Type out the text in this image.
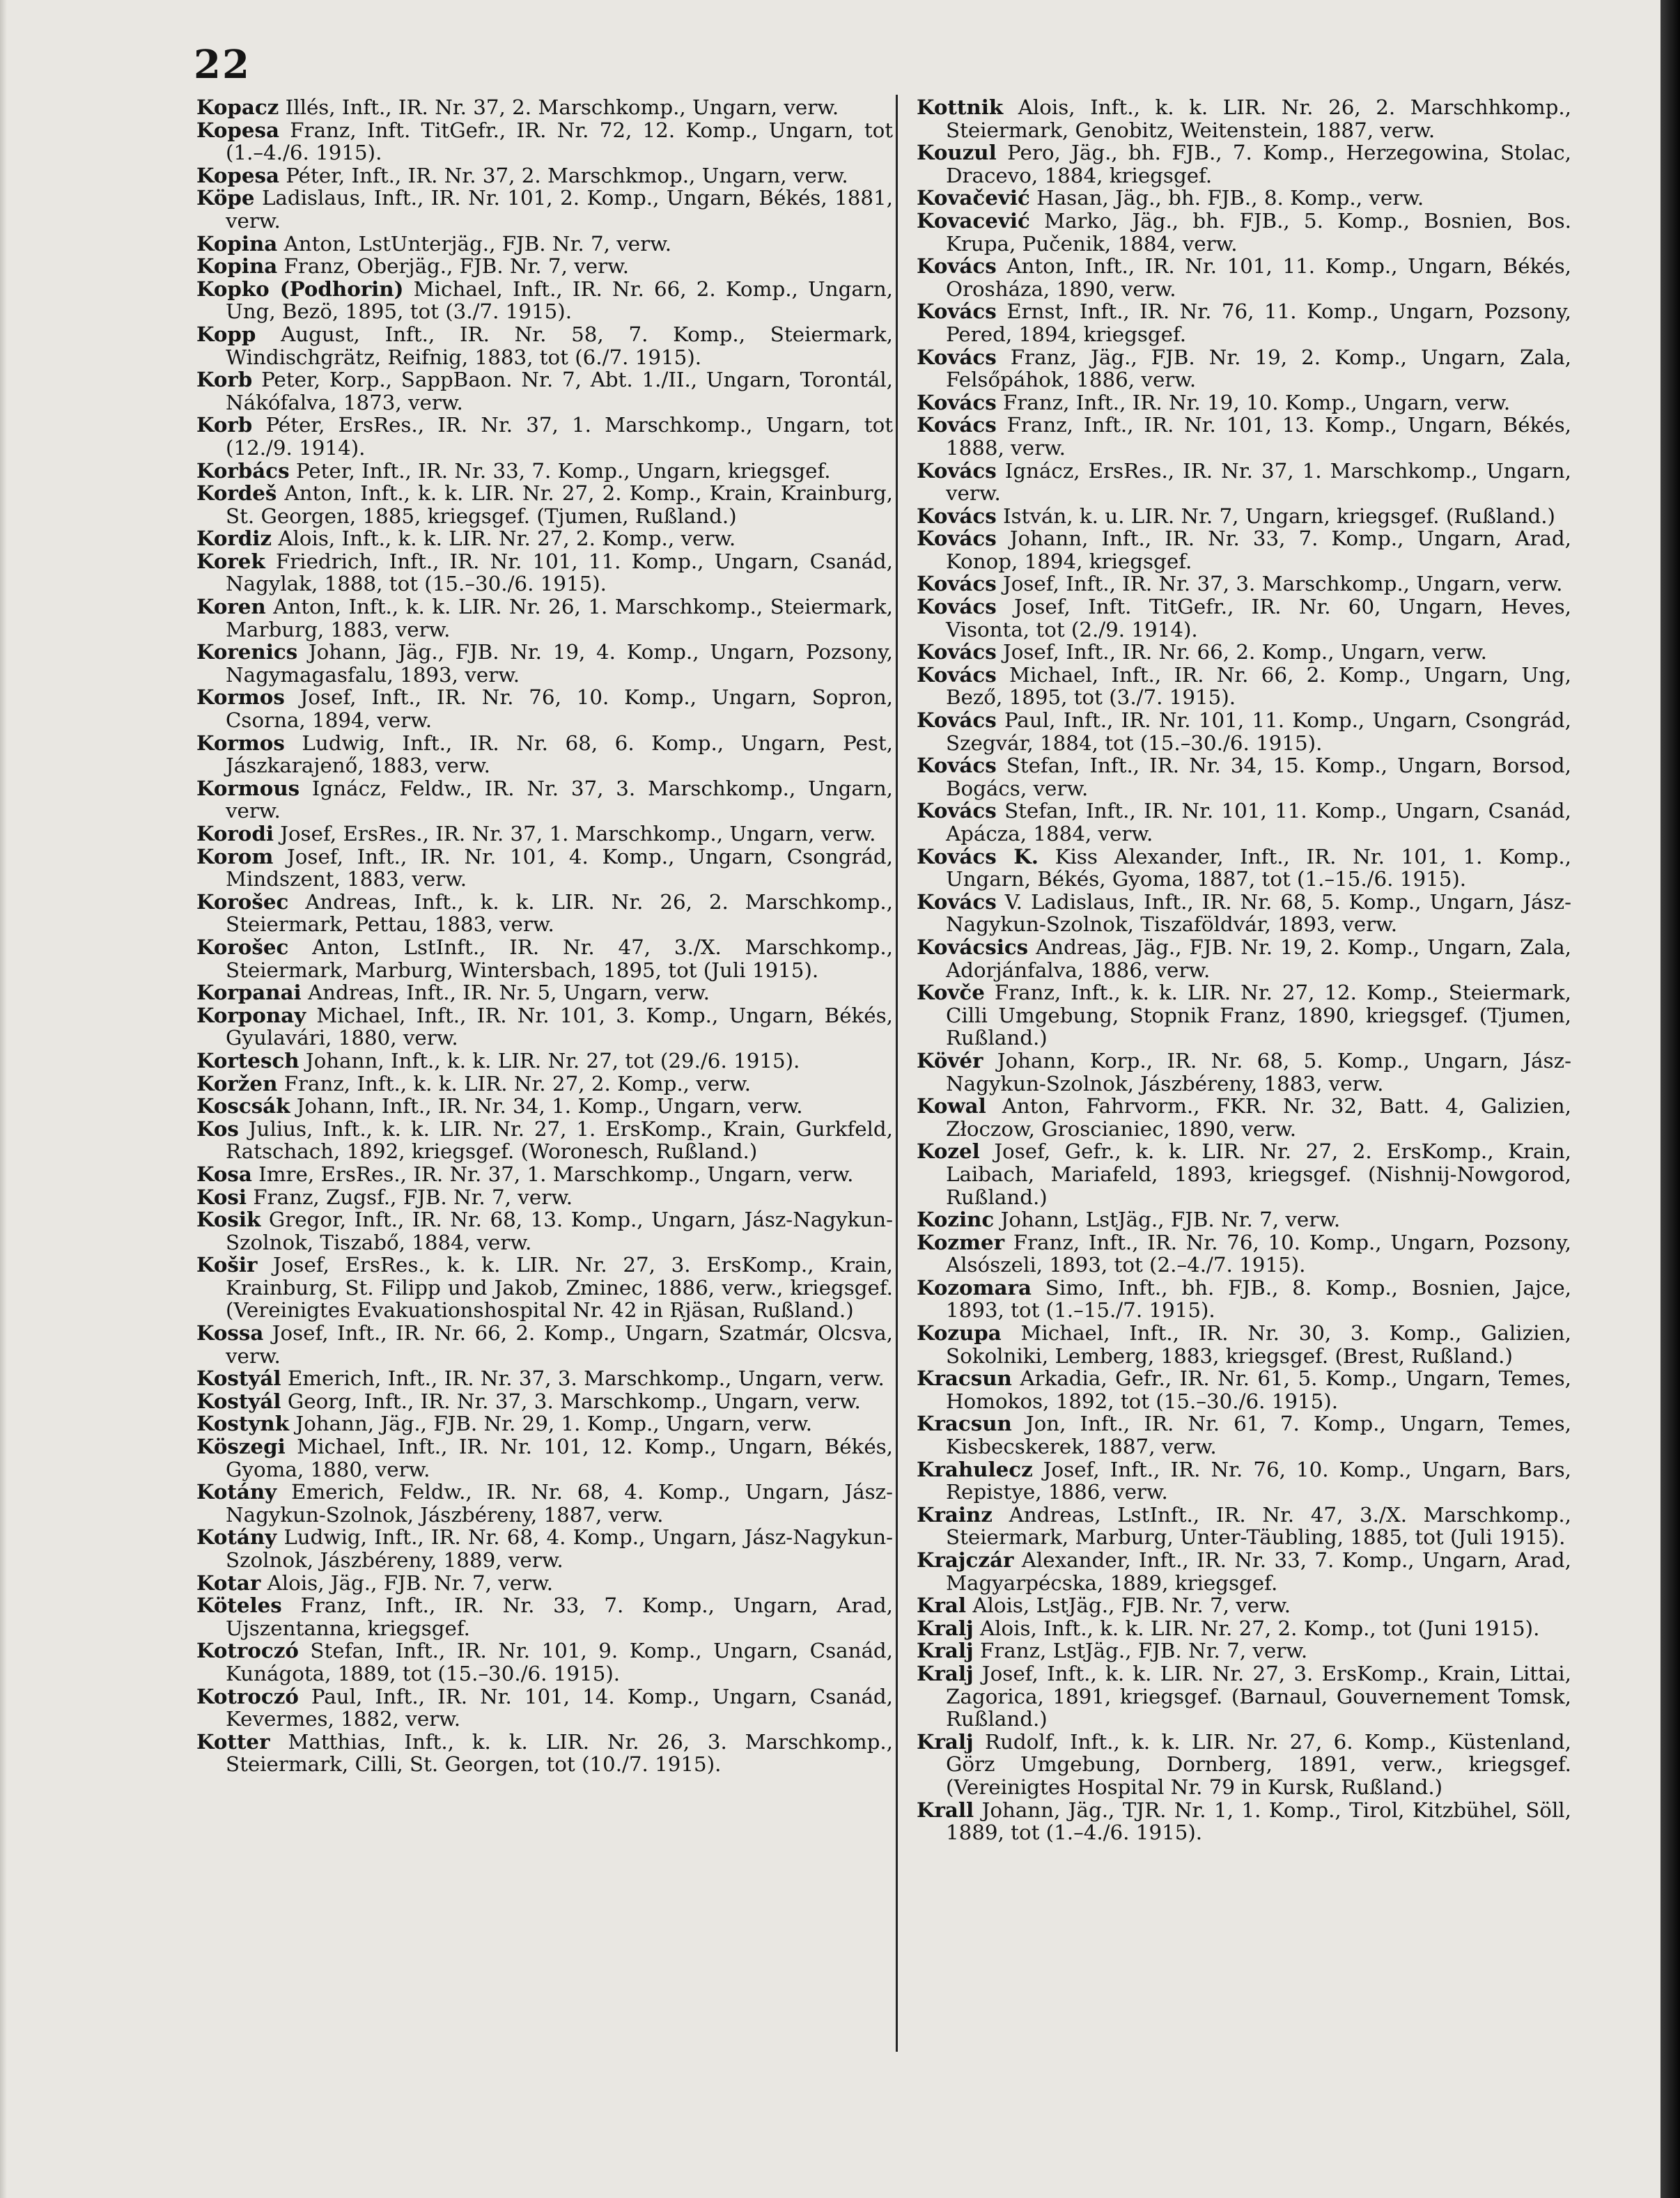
22
Kopacz Illés, Inft., IR. Nr. 37, 2. Marschkomp., Ungarn, verw.
Kopesa Franz, Inft. TitGefr., IR. Nr. 72, 12. Komp., Ungarn, tot (1.–4./6. 1915).
Kopesa Péter, Inft., IR. Nr. 37, 2. Marschkmop., Ungarn, verw.
Köpe Ladislaus, Inft., IR. Nr. 101, 2. Komp., Ungarn, Békés, 1881, verw.
Kopina Anton, LstUnterjäg., FJB. Nr. 7, verw.
Kopina Franz, Oberjäg., FJB. Nr. 7, verw.
Kopko (Podhorin) Michael, Inft., IR. Nr. 66, 2. Komp., Ungarn, Ung, Bezö, 1895, tot (3./7. 1915).
Kopp August, Inft., IR. Nr. 58, 7. Komp., Steiermark, Windischgrätz, Reifnig, 1883, tot (6./7. 1915).
Korb Peter, Korp., SappBaon. Nr. 7, Abt. 1./II., Ungarn, Torontál, Nákófalva, 1873, verw.
Korb Péter, ErsRes., IR. Nr. 37, 1. Marschkomp., Ungarn, tot (12./9. 1914).
Korbács Peter, Inft., IR. Nr. 33, 7. Komp., Ungarn, kriegsgef.
Kordeš Anton, Inft., k. k. LIR. Nr. 27, 2. Komp., Krain, Krainburg, St. Georgen, 1885, kriegsgef. (Tjumen, Rußland.)
Kordiz Alois, Inft., k. k. LIR. Nr. 27, 2. Komp., verw.
Korek Friedrich, Inft., IR. Nr. 101, 11. Komp., Ungarn, Csanád, Nagylak, 1888, tot (15.–30./6. 1915).
Koren Anton, Inft., k. k. LIR. Nr. 26, 1. Marschkomp., Steiermark, Marburg, 1883, verw.
Korenics Johann, Jäg., FJB. Nr. 19, 4. Komp., Ungarn, Pozsony, Nagymagasfalu, 1893, verw.
Kormos Josef, Inft., IR. Nr. 76, 10. Komp., Ungarn, Sopron, Csorna, 1894, verw.
Kormos Ludwig, Inft., IR. Nr. 68, 6. Komp., Ungarn, Pest, Jászkarajenő, 1883, verw.
Kormous Ignácz, Feldw., IR. Nr. 37, 3. Marschkomp., Ungarn, verw.
Korodi Josef, ErsRes., IR. Nr. 37, 1. Marschkomp., Ungarn, verw.
Korom Josef, Inft., IR. Nr. 101, 4. Komp., Ungarn, Csongrád, Mindszent, 1883, verw.
Korošec Andreas, Inft., k. k. LIR. Nr. 26, 2. Marschkomp., Steiermark, Pettau, 1883, verw.
Korošec Anton, LstInft., IR. Nr. 47, 3./X. Marschkomp., Steiermark, Marburg, Wintersbach, 1895, tot (Juli 1915).
Korpanai Andreas, Inft., IR. Nr. 5, Ungarn, verw.
Korponay Michael, Inft., IR. Nr. 101, 3. Komp., Ungarn, Békés, Gyulavári, 1880, verw.
Kortesch Johann, Inft., k. k. LIR. Nr. 27, tot (29./6. 1915).
Koržen Franz, Inft., k. k. LIR. Nr. 27, 2. Komp., verw.
Koscsák Johann, Inft., IR. Nr. 34, 1. Komp., Ungarn, verw.
Kos Julius, Inft., k. k. LIR. Nr. 27, 1. ErsKomp., Krain, Gurkfeld, Ratschach, 1892, kriegsgef. (Woronesch, Rußland.)
Kosa Imre, ErsRes., IR. Nr. 37, 1. Marschkomp., Ungarn, verw.
Kosi Franz, Zugsf., FJB. Nr. 7, verw.
Kosik Gregor, Inft., IR. Nr. 68, 13. Komp., Ungarn, Jász-Nagykun-Szolnok, Tiszabő, 1884, verw.
Košir Josef, ErsRes., k. k. LIR. Nr. 27, 3. ErsKomp., Krain, Krainburg, St. Filipp und Jakob, Zminec, 1886, verw., kriegsgef. (Vereinigtes Evakuationshospital Nr. 42 in Rjäsan, Rußland.)
Kossa Josef, Inft., IR. Nr. 66, 2. Komp., Ungarn, Szatmár, Olcsva, verw.
Kostyál Emerich, Inft., IR. Nr. 37, 3. Marschkomp., Ungarn, verw.
Kostyál Georg, Inft., IR. Nr. 37, 3. Marschkomp., Ungarn, verw.
Kostynk Johann, Jäg., FJB. Nr. 29, 1. Komp., Ungarn, verw.
Köszegi Michael, Inft., IR. Nr. 101, 12. Komp., Ungarn, Békés, Gyoma, 1880, verw.
Kotány Emerich, Feldw., IR. Nr. 68, 4. Komp., Ungarn, Jász-Nagykun-Szolnok, Jászbéreny, 1887, verw.
Kotány Ludwig, Inft., IR. Nr. 68, 4. Komp., Ungarn, Jász-Nagykun-Szolnok, Jászbéreny, 1889, verw.
Kotar Alois, Jäg., FJB. Nr. 7, verw.
Köteles Franz, Inft., IR. Nr. 33, 7. Komp., Ungarn, Arad, Ujszentanna, kriegsgef.
Kotroczó Stefan, Inft., IR. Nr. 101, 9. Komp., Ungarn, Csanád, Kunágota, 1889, tot (15.–30./6. 1915).
Kotroczó Paul, Inft., IR. Nr. 101, 14. Komp., Ungarn, Csanád, Kevermes, 1882, verw.
Kotter Matthias, Inft., k. k. LIR. Nr. 26, 3. Marschkomp., Steiermark, Cilli, St. Georgen, tot (10./7. 1915).
Kottnik Alois, Inft., k. k. LIR. Nr. 26, 2. Marschhkomp., Steiermark, Genobitz, Weitenstein, 1887, verw.
Kouzul Pero, Jäg., bh. FJB., 7. Komp., Herzegowina, Stolac, Dracevo, 1884, kriegsgef.
Kovačević Hasan, Jäg., bh. FJB., 8. Komp., verw.
Kovacević Marko, Jäg., bh. FJB., 5. Komp., Bosnien, Bos. Krupa, Pučenik, 1884, verw.
Kovács Anton, Inft., IR. Nr. 101, 11. Komp., Ungarn, Békés, Orosháza, 1890, verw.
Kovács Ernst, Inft., IR. Nr. 76, 11. Komp., Ungarn, Pozsony, Pered, 1894, kriegsgef.
Kovács Franz, Jäg., FJB. Nr. 19, 2. Komp., Ungarn, Zala, Felsőpáhok, 1886, verw.
Kovács Franz, Inft., IR. Nr. 19, 10. Komp., Ungarn, verw.
Kovács Franz, Inft., IR. Nr. 101, 13. Komp., Ungarn, Békés, 1888, verw.
Kovács Ignácz, ErsRes., IR. Nr. 37, 1. Marschkomp., Ungarn, verw.
Kovács István, k. u. LIR. Nr. 7, Ungarn, kriegsgef. (Rußland.)
Kovács Johann, Inft., IR. Nr. 33, 7. Komp., Ungarn, Arad, Konop, 1894, kriegsgef.
Kovács Josef, Inft., IR. Nr. 37, 3. Marschkomp., Ungarn, verw.
Kovács Josef, Inft. TitGefr., IR. Nr. 60, Ungarn, Heves, Visonta, tot (2./9. 1914).
Kovács Josef, Inft., IR. Nr. 66, 2. Komp., Ungarn, verw.
Kovács Michael, Inft., IR. Nr. 66, 2. Komp., Ungarn, Ung, Bező, 1895, tot (3./7. 1915).
Kovács Paul, Inft., IR. Nr. 101, 11. Komp., Ungarn, Csongrád, Szegvár, 1884, tot (15.–30./6. 1915).
Kovács Stefan, Inft., IR. Nr. 34, 15. Komp., Ungarn, Borsod, Bogács, verw.
Kovács Stefan, Inft., IR. Nr. 101, 11. Komp., Ungarn, Csanád, Apácza, 1884, verw.
Kovács K. Kiss Alexander, Inft., IR. Nr. 101, 1. Komp., Ungarn, Békés, Gyoma, 1887, tot (1.–15./6. 1915).
Kovács V. Ladislaus, Inft., IR. Nr. 68, 5. Komp., Ungarn, Jász-Nagykun-Szolnok, Tiszaföldvár, 1893, verw.
Kovácsics Andreas, Jäg., FJB. Nr. 19, 2. Komp., Ungarn, Zala, Adorjánfalva, 1886, verw.
Kovče Franz, Inft., k. k. LIR. Nr. 27, 12. Komp., Steiermark, Cilli Umgebung, Stopnik Franz, 1890, kriegsgef. (Tjumen, Rußland.)
Kövér Johann, Korp., IR. Nr. 68, 5. Komp., Ungarn, Jász-Nagykun-Szolnok, Jászbéreny, 1883, verw.
Kowal Anton, Fahrvorm., FKR. Nr. 32, Batt. 4, Galizien, Złoczow, Groscianiec, 1890, verw.
Kozel Josef, Gefr., k. k. LIR. Nr. 27, 2. ErsKomp., Krain, Laibach, Mariafeld, 1893, kriegsgef. (Nishnij-Nowgorod, Rußland.)
Kozinc Johann, LstJäg., FJB. Nr. 7, verw.
Kozmer Franz, Inft., IR. Nr. 76, 10. Komp., Ungarn, Pozsony, Alsószeli, 1893, tot (2.–4./7. 1915).
Kozomara Simo, Inft., bh. FJB., 8. Komp., Bosnien, Jajce, 1893, tot (1.–15./7. 1915).
Kozupa Michael, Inft., IR. Nr. 30, 3. Komp., Galizien, Sokolniki, Lemberg, 1883, kriegsgef. (Brest, Rußland.)
Kracsun Arkadia, Gefr., IR. Nr. 61, 5. Komp., Ungarn, Temes, Homokos, 1892, tot (15.–30./6. 1915).
Kracsun Jon, Inft., IR. Nr. 61, 7. Komp., Ungarn, Temes, Kisbecskerek, 1887, verw.
Krahulecz Josef, Inft., IR. Nr. 76, 10. Komp., Ungarn, Bars, Repistye, 1886, verw.
Krainz Andreas, LstInft., IR. Nr. 47, 3./X. Marschkomp., Steiermark, Marburg, Unter-Täubling, 1885, tot (Juli 1915).
Krajczár Alexander, Inft., IR. Nr. 33, 7. Komp., Ungarn, Arad, Magyarpécska, 1889, kriegsgef.
Kral Alois, LstJäg., FJB. Nr. 7, verw.
Kralj Alois, Inft., k. k. LIR. Nr. 27, 2. Komp., tot (Juni 1915).
Kralj Franz, LstJäg., FJB. Nr. 7, verw.
Kralj Josef, Inft., k. k. LIR. Nr. 27, 3. ErsKomp., Krain, Littai, Zagorica, 1891, kriegsgef. (Barnaul, Gouvernement Tomsk, Rußland.)
Kralj Rudolf, Inft., k. k. LIR. Nr. 27, 6. Komp., Küstenland, Görz Umgebung, Dornberg, 1891, verw., kriegsgef. (Vereinigtes Hospital Nr. 79 in Kursk, Rußland.)
Krall Johann, Jäg., TJR. Nr. 1, 1. Komp., Tirol, Kitzbühel, Söll, 1889, tot (1.–4./6. 1915).
